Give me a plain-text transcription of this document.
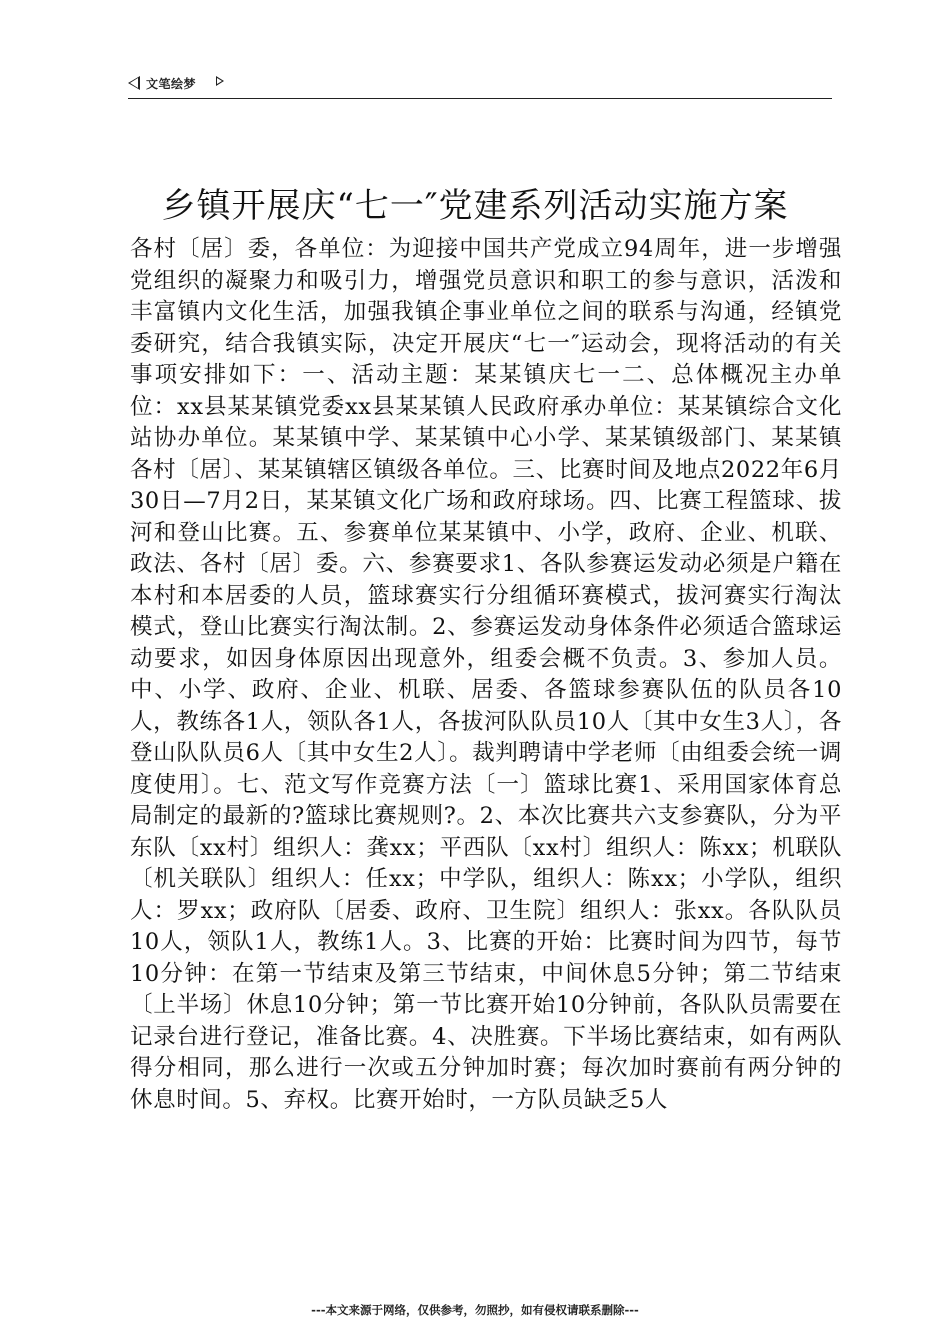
文笔绘梦
乡镇开展庆“七一″党建系列活动实施方案

各村〔居〕委，各单位：为迎接中国共产党成立94周年，进一步增强党组织的凝聚力和吸引力，增强党员意识和职工的参与意识，活泼和丰富镇内文化生活，加强我镇企事业单位之间的联系与沟通，经镇党委研究，结合我镇实际，决定开展庆“七一″运动会，现将活动的有关事项安排如下：一、活动主题：某某镇庆七一二、总体概况主办单位：xx县某某镇党委xx县某某镇人民政府承办单位：某某镇综合文化站协办单位。某某镇中学、某某镇中心小学、某某镇级部门、某某镇各村〔居〕、某某镇辖区镇级各单位。三、比赛时间及地点2022年6月30日—7月2日，某某镇文化广场和政府球场。四、比赛工程篮球、拔河和登山比赛。五、参赛单位某某镇中、小学，政府、企业、机联、政法、各村〔居〕委。六、参赛要求1、各队参赛运发动必须是户籍在本村和本居委的人员，篮球赛实行分组循环赛模式，拔河赛实行淘汰模式，登山比赛实行淘汰制。2、参赛运发动身体条件必须适合篮球运动要求，如因身体原因出现意外，组委会概不负责。3、参加人员。中、小学、政府、企业、机联、居委、各篮球参赛队伍的队员各10人，教练各1人，领队各1人，各拔河队队员10人〔其中女生3人〕，各登山队队员6人〔其中女生2人〕。裁判聘请中学老师〔由组委会统一调度使用〕。七、范文写作竞赛方法〔一〕篮球比赛1、采用国家体育总局制定的最新的?篮球比赛规则?。2、本次比赛共六支参赛队，分为平东队〔xx村〕组织人：龚xx；平西队〔xx村〕组织人：陈xx；机联队〔机关联队〕组织人：任xx；中学队，组织人：陈xx；小学队，组织人：罗xx；政府队〔居委、政府、卫生院〕组织人：张xx。各队队员10人，领队1人，教练1人。3、比赛的开始：比赛时间为四节，每节10分钟：在第一节结束及第三节结束，中间休息5分钟；第二节结束〔上半场〕休息10分钟；第一节比赛开始10分钟前，各队队员需要在记录台进行登记，准备比赛。4、决胜赛。下半场比赛结束，如有两队得分相同，那么进行一次或五分钟加时赛；每次加时赛前有两分钟的休息时间。5、弃权。比赛开始时，一方队员缺乏5人

---本文来源于网络，仅供参考，勿照抄，如有侵权请联系删除---
